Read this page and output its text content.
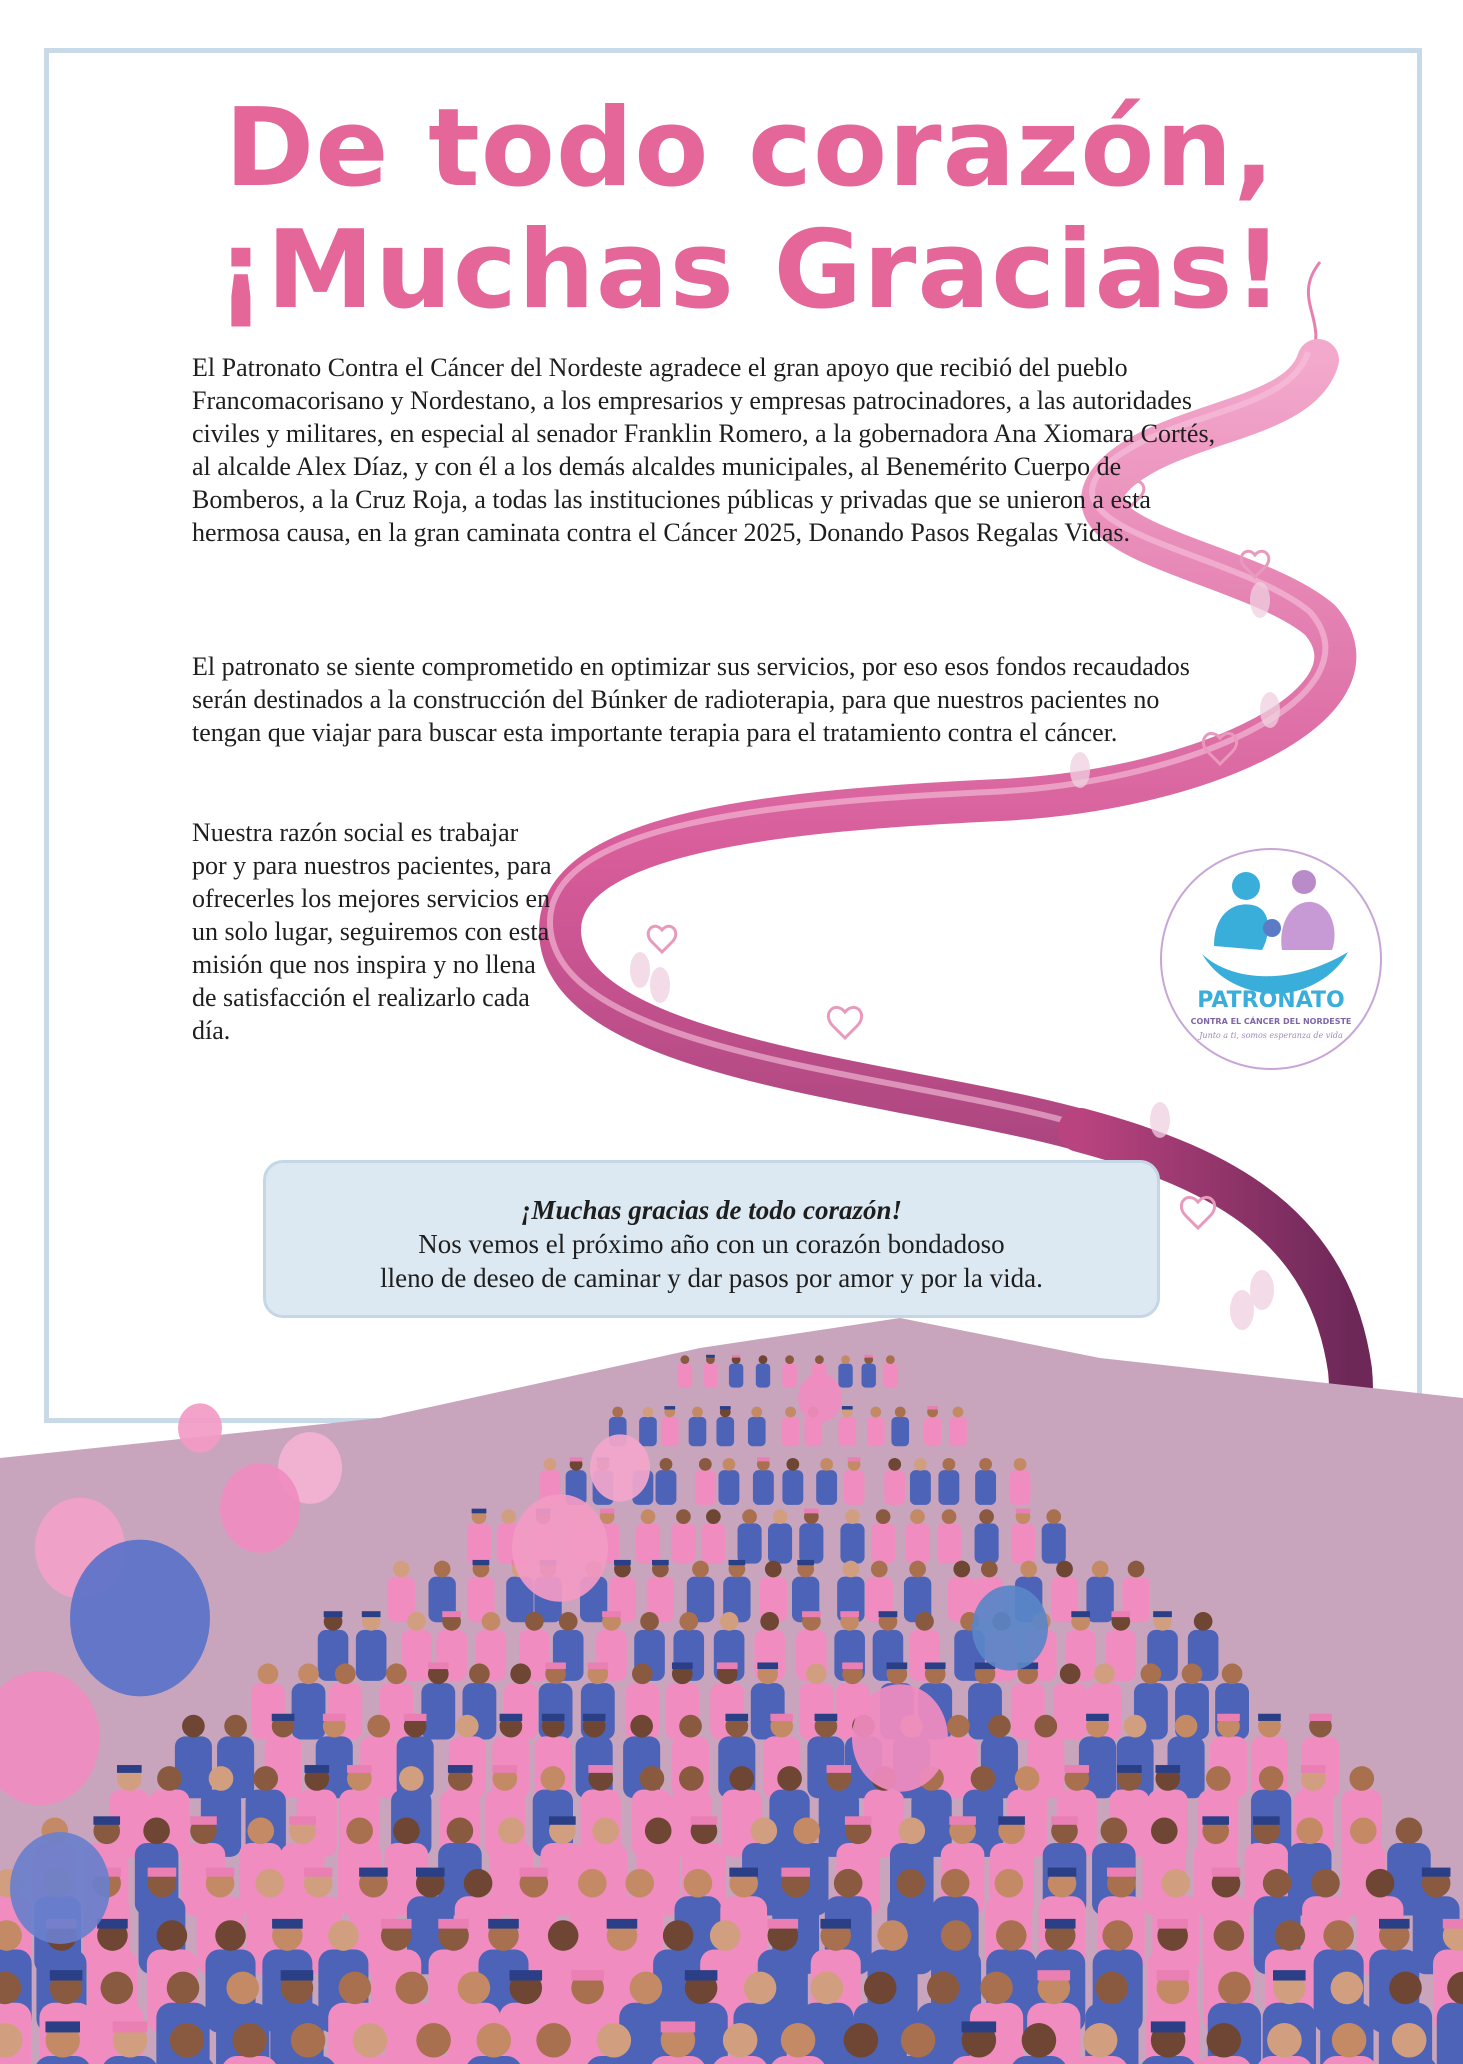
De todo corazón,
¡Muchas Gracias!

El Patronato Contra el Cáncer del Nordeste agradece el gran apoyo que recibió del pueblo Francomacorisano y Nordestano, a los empresarios y empresas patrocinadores, a las autoridades civiles y militares, en especial al senador Franklin Romero, a la gobernadora Ana Xiomara Cortés, al alcalde Alex Díaz, y con él a los demás alcaldes municipales, al Benemérito Cuerpo de Bomberos, a la Cruz Roja, a todas las instituciones públicas y privadas que se unieron a esta hermosa causa, en la gran caminata contra el Cáncer 2025, Donando Pasos Regalas Vidas.

El patronato se siente comprometido en optimizar sus servicios, por eso esos fondos recaudados serán destinados a la construcción del Búnker de radioterapia, para que nuestros pacientes no tengan que viajar para buscar esta importante terapia para el tratamiento contra el cáncer.

Nuestra razón social es trabajar por y para nuestros pacientes, para ofrecerles los mejores servicios en un solo lugar, seguiremos con esta misión que nos inspira y no llena de satisfacción el realizarlo cada día.

PATRONATO
CONTRA EL CÁNCER DEL NORDESTE
Junto a ti, somos esperanza de vida
¡Muchas gracias de todo corazón!
Nos vemos el próximo año con un corazón bondadoso
lleno de deseo de caminar y dar pasos por amor y por la vida.
